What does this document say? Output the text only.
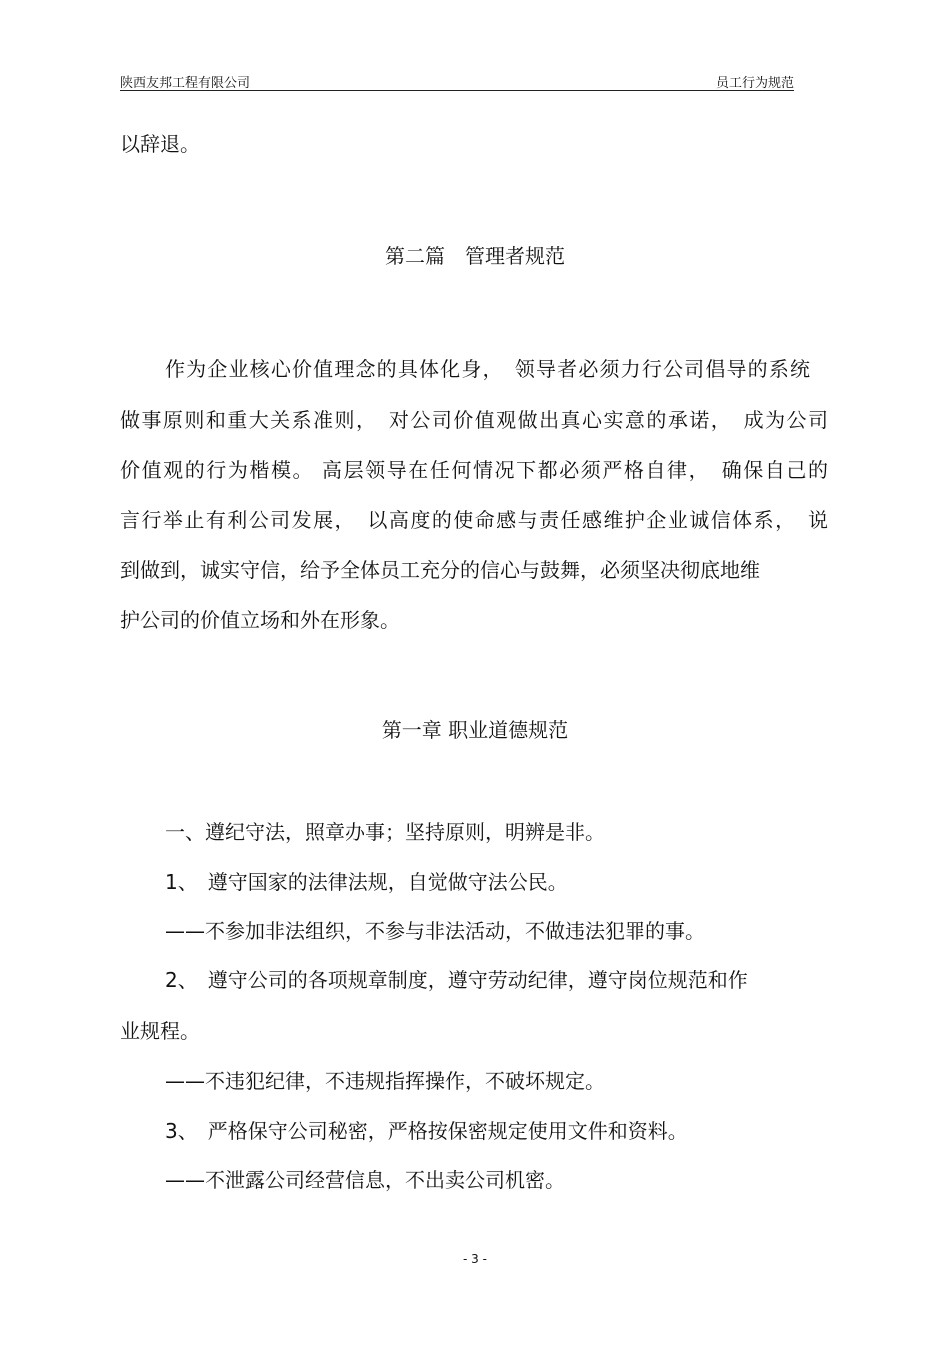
陕西友邦工程有限公司	员工行为规范
以辞退。
第二篇　管理者规范
作为企业核心价值理念的具体化身，　领导者必须力行公司倡导的系统
做事原则和重大关系准则，　对公司价值观做出真心实意的承诺，　成为公司
价值观的行为楷模。 高层领导在任何情况下都必须严格自律，　确保自己的
言行举止有利公司发展，　以高度的使命感与责任感维护企业诚信体系，　说
到做到，诚实守信，给予全体员工充分的信心与鼓舞，必须坚决彻底地维
护公司的价值立场和外在形象。
第一章 职业道德规范
一、遵纪守法，照章办事；坚持原则，明辨是非。
1、　遵守国家的法律法规，自觉做守法公民。
——不参加非法组织，不参与非法活动，不做违法犯罪的事。
2、　遵守公司的各项规章制度，遵守劳动纪律，遵守岗位规范和作
业规程。
——不违犯纪律，不违规指挥操作，不破坏规定。
3、　严格保守公司秘密，严格按保密规定使用文件和资料。
——不泄露公司经营信息，不出卖公司机密。
- 3 -
